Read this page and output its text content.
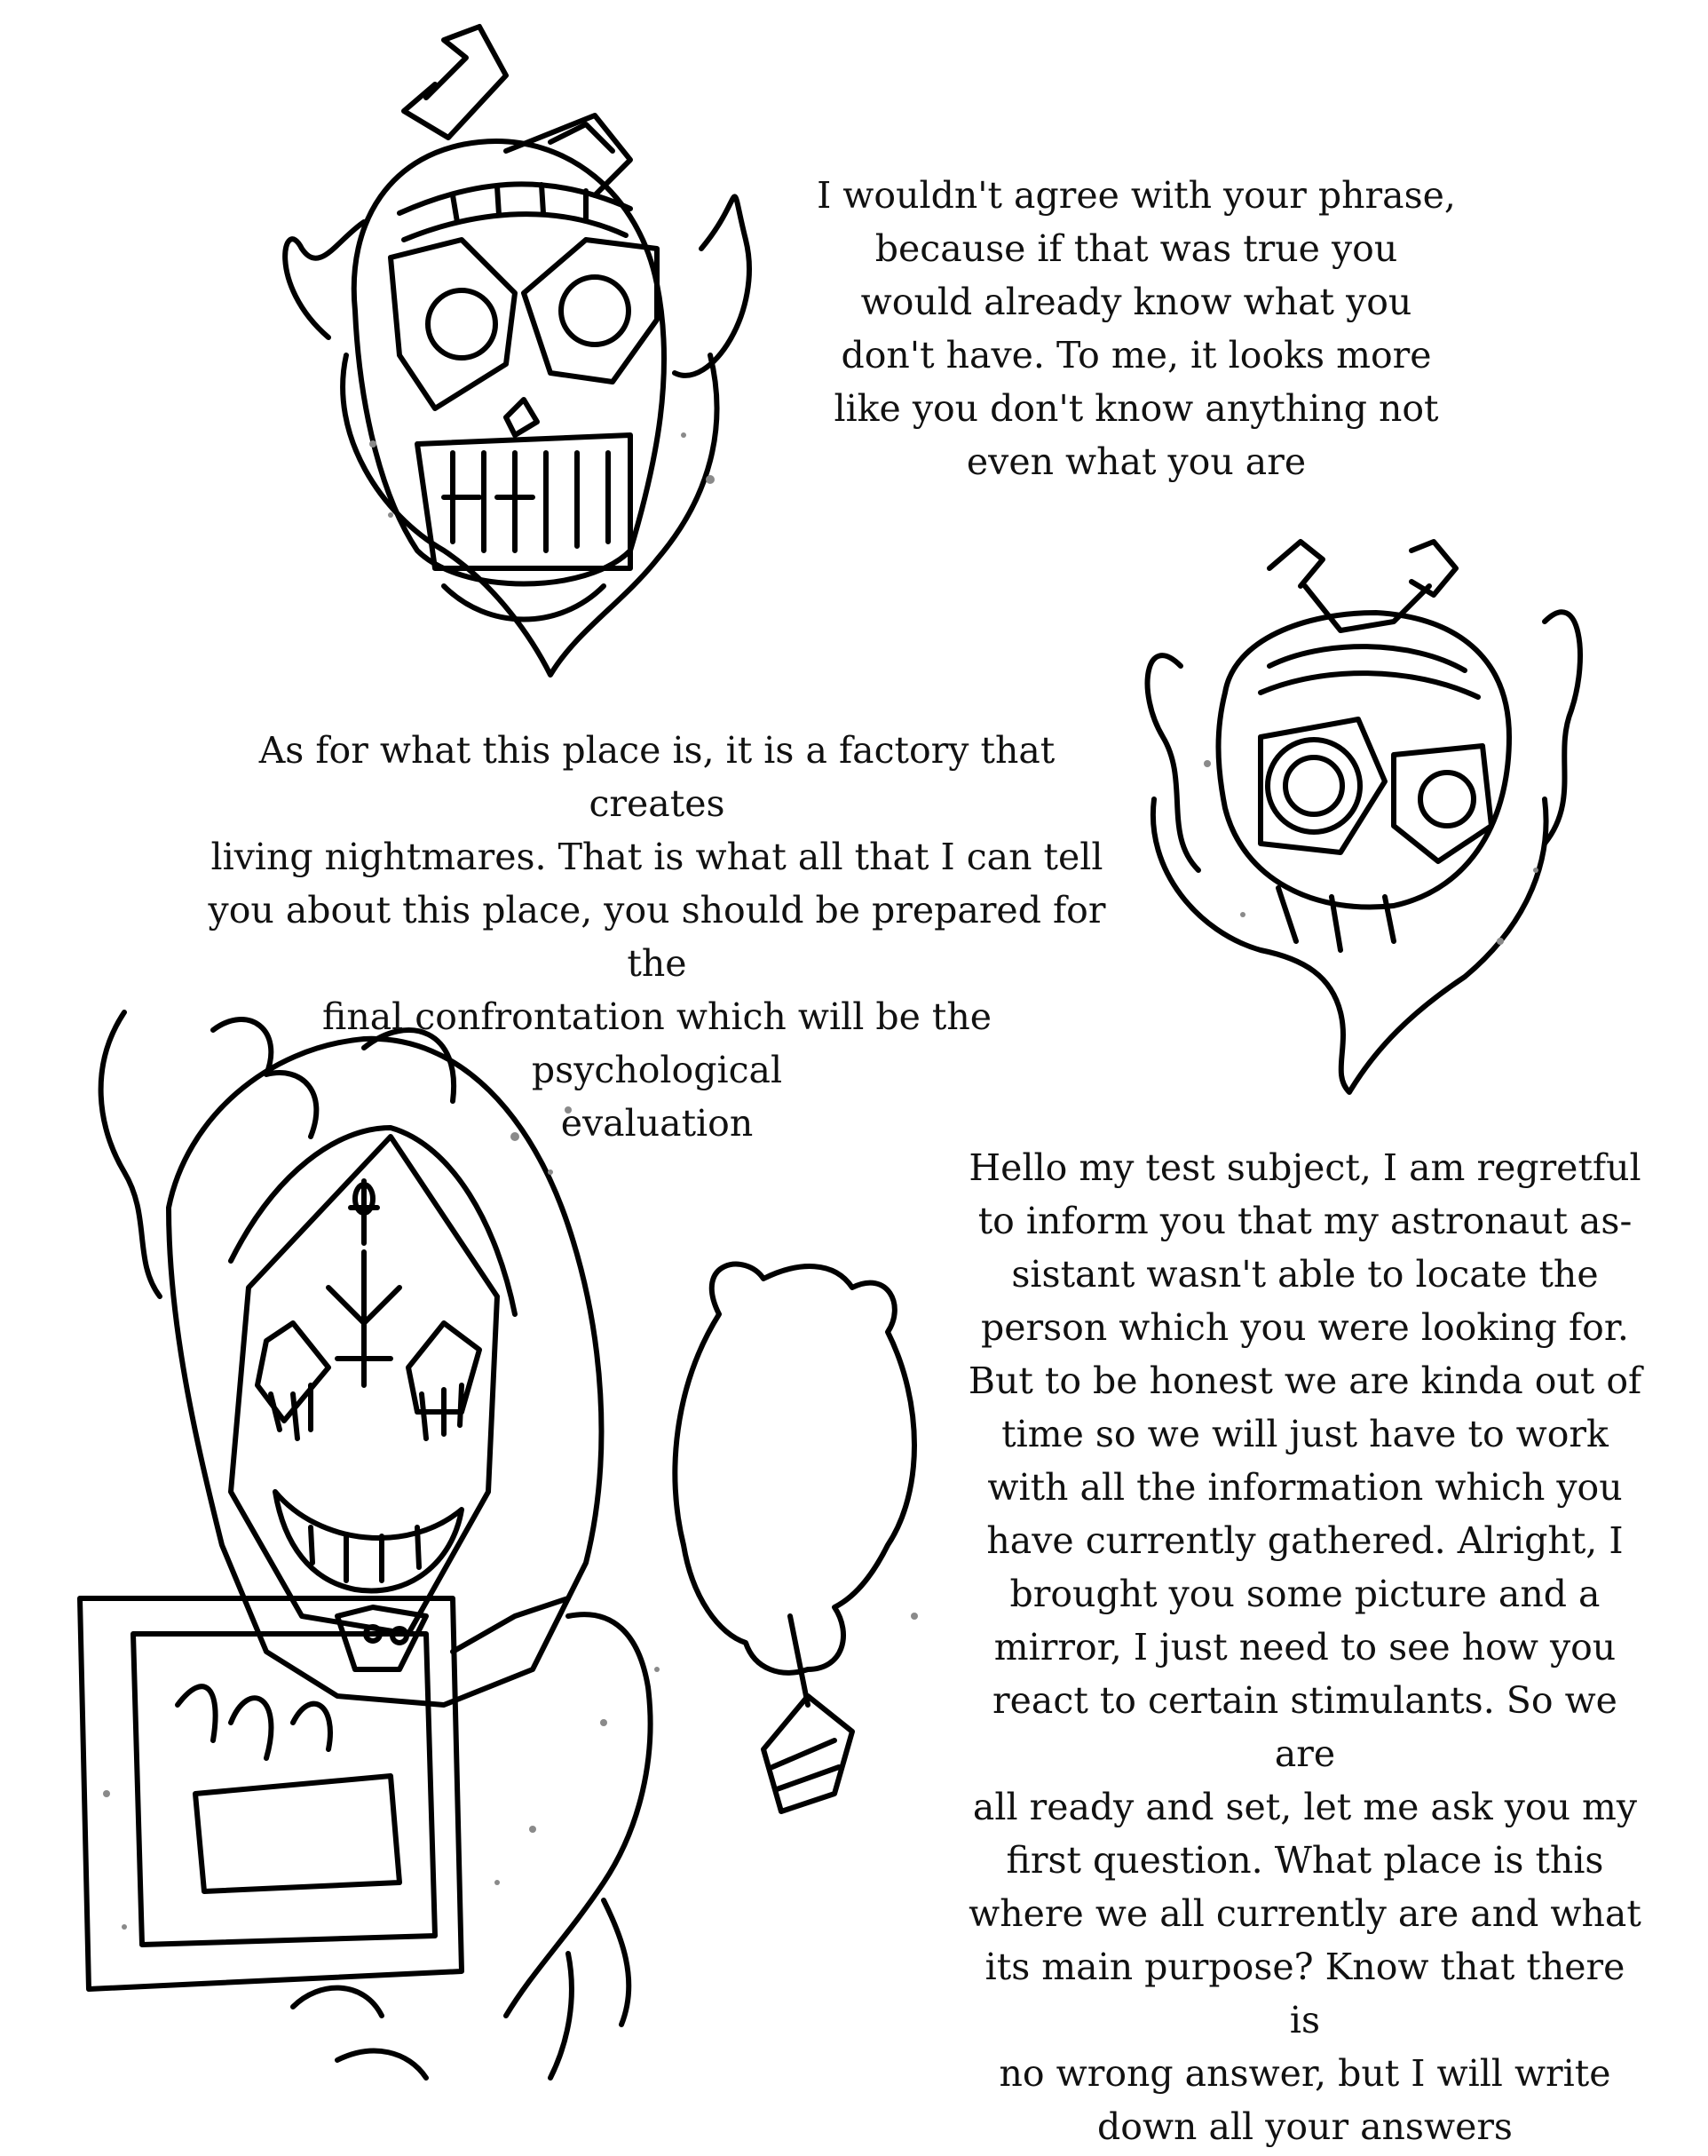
I wouldn't agree with your phrase,
because if that was true you
would already know what you
don't have. To me, it looks more
like you don't know anything not
even what you are
As for what this place is, it is a factory that creates
living nightmares. That is what all that I can tell
you about this place, you should be prepared for the
final confrontation which will be the psychological
evaluation
Hello my test subject, I am regretful
to inform you that my astronaut as-
sistant wasn't able to locate the
person which you were looking for.
But to be honest we are kinda out of
time so we will just have to work
with all the information which you
have currently gathered. Alright, I
brought you some picture and a
mirror, I just need to see how you
react to certain stimulants. So we are
all ready and set, let me ask you my
first question. What place is this
where we all currently are and what
its main purpose? Know that there is
no wrong answer, but I will write
down all your answers
